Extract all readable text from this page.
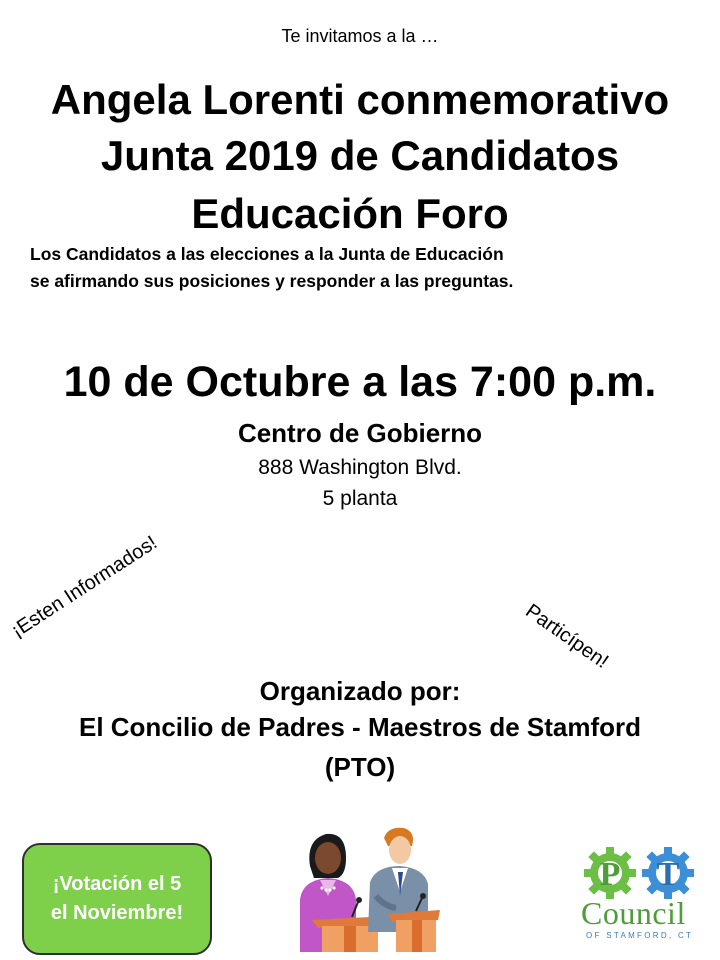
Te invitamos a la …
Angela Lorenti conmemorativo
Junta 2019 de Candidatos
Educación Foro
Los Candidatos a las elecciones a la Junta de Educación
se afirmando sus posiciones y responder a las preguntas.
10 de Octubre a las 7:00 p.m.
Centro de Gobierno
888 Washington Blvd.
5 planta
¡Esten Informados!	Particípen!
Organizado por:
El Concilio de Padres - Maestros de Stamford
(PTO)
¡Votación el 5
el Noviembre!
P T
Council
OF STAMFORD, CT
